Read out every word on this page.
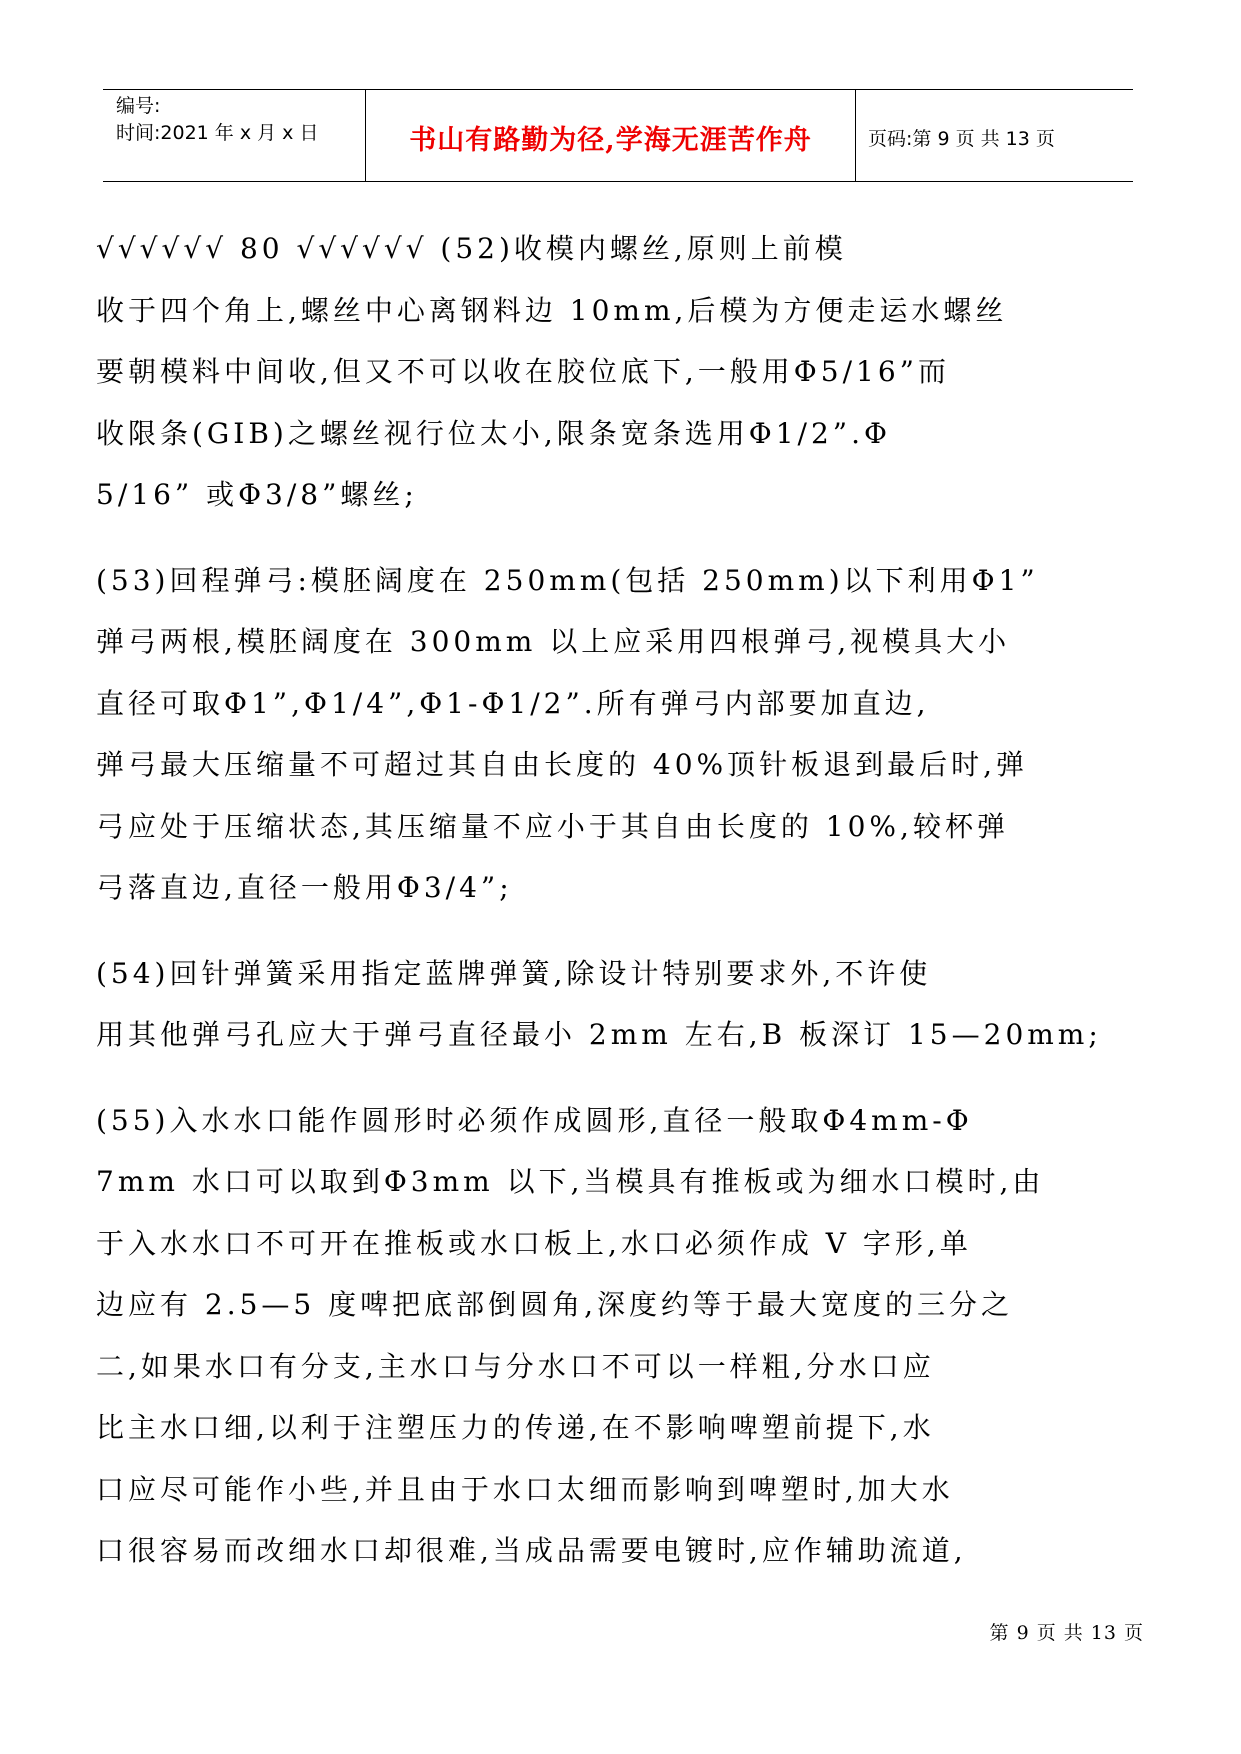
编号:
时间:2021 年 x 月 x 日	书山有路勤为径,学海无涯苦作舟	页码:第 9 页 共 13 页
√√√√√√ 80 √√√√√√ (52)收模内螺丝,原则上前模
收于四个角上,螺丝中心离钢料边 10mm,后模为方便走运水螺丝
要朝模料中间收,但又不可以收在胶位底下,一般用Φ5/16”而
收限条(GIB)之螺丝视行位太小,限条宽条选用Φ1/2”.Φ
5/16” 或Φ3/8”螺丝;
(53)回程弹弓:模胚阔度在 250mm(包括 250mm)以下利用Φ1”
弹弓两根,模胚阔度在 300mm 以上应采用四根弹弓,视模具大小
直径可取Φ1”,Φ1/4”,Φ1-Φ1/2”.所有弹弓内部要加直边,
弹弓最大压缩量不可超过其自由长度的 40%顶针板退到最后时,弹
弓应处于压缩状态,其压缩量不应小于其自由长度的 10%,较杯弹
弓落直边,直径一般用Φ3/4”;
(54)回针弹簧采用指定蓝牌弹簧,除设计特别要求外,不许使
用其他弹弓孔应大于弹弓直径最小 2mm 左右,B 板深订 15—20mm;
(55)入水水口能作圆形时必须作成圆形,直径一般取Φ4mm-Φ
7mm 水口可以取到Φ3mm 以下,当模具有推板或为细水口模时,由
于入水水口不可开在推板或水口板上,水口必须作成 V 字形,单
边应有 2.5—5 度啤把底部倒圆角,深度约等于最大宽度的三分之
二,如果水口有分支,主水口与分水口不可以一样粗,分水口应
比主水口细,以利于注塑压力的传递,在不影响啤塑前提下,水
口应尽可能作小些,并且由于水口太细而影响到啤塑时,加大水
口很容易而改细水口却很难,当成品需要电镀时,应作辅助流道,
第 9 页 共 13 页
